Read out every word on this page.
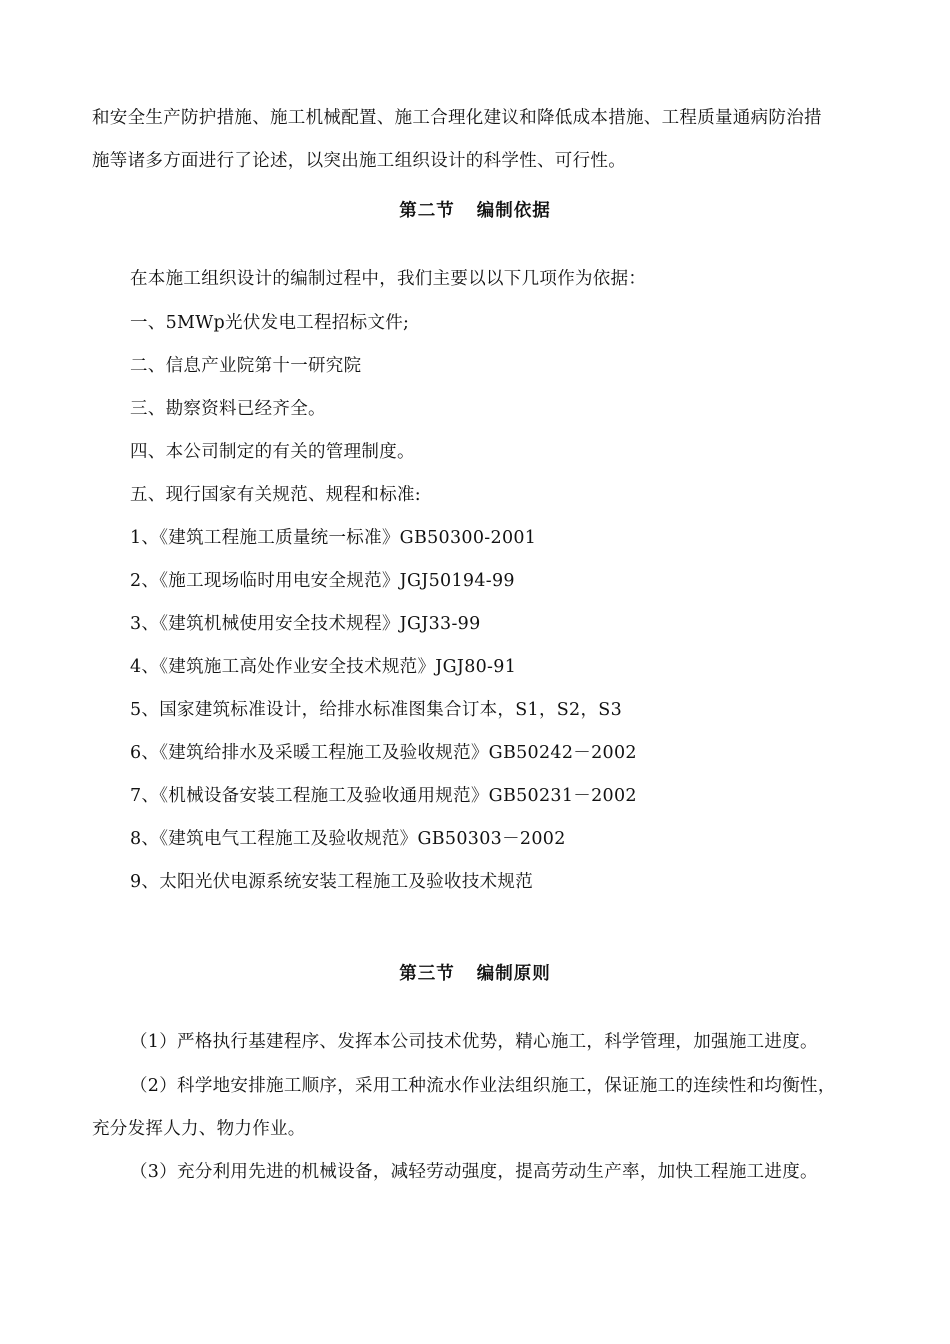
和安全生产防护措施、施工机械配置、施工合理化建议和降低成本措施、工程质量通病防治措
施等诸多方面进行了论述，以突出施工组织设计的科学性、可行性。
第二节 编制依据
在本施工组织设计的编制过程中，我们主要以以下几项作为依据：
一、5MWp光伏发电工程招标文件;
二、信息产业院第十一研究院
三、勘察资料已经齐全。
四、本公司制定的有关的管理制度。
五、现行国家有关规范、规程和标准:
1、《建筑工程施工质量统一标准》GB50300-2001
2、《施工现场临时用电安全规范》JGJ50194-99
3、《建筑机械使用安全技术规程》JGJ33-99
4、《建筑施工高处作业安全技术规范》JGJ80-91
5、国家建筑标准设计，给排水标准图集合订本，S1，S2，S3
6、《建筑给排水及采暖工程施工及验收规范》GB50242－2002
7、《机械设备安装工程施工及验收通用规范》GB50231－2002
8、《建筑电气工程施工及验收规范》GB50303－2002
9、太阳光伏电源系统安装工程施工及验收技术规范
第三节 编制原则
（1）严格执行基建程序、发挥本公司技术优势，精心施工，科学管理，加强施工进度。
（2）科学地安排施工顺序，采用工种流水作业法组织施工，保证施工的连续性和均衡性，
充分发挥人力、物力作业。
（3）充分利用先进的机械设备，减轻劳动强度，提高劳动生产率，加快工程施工进度。
